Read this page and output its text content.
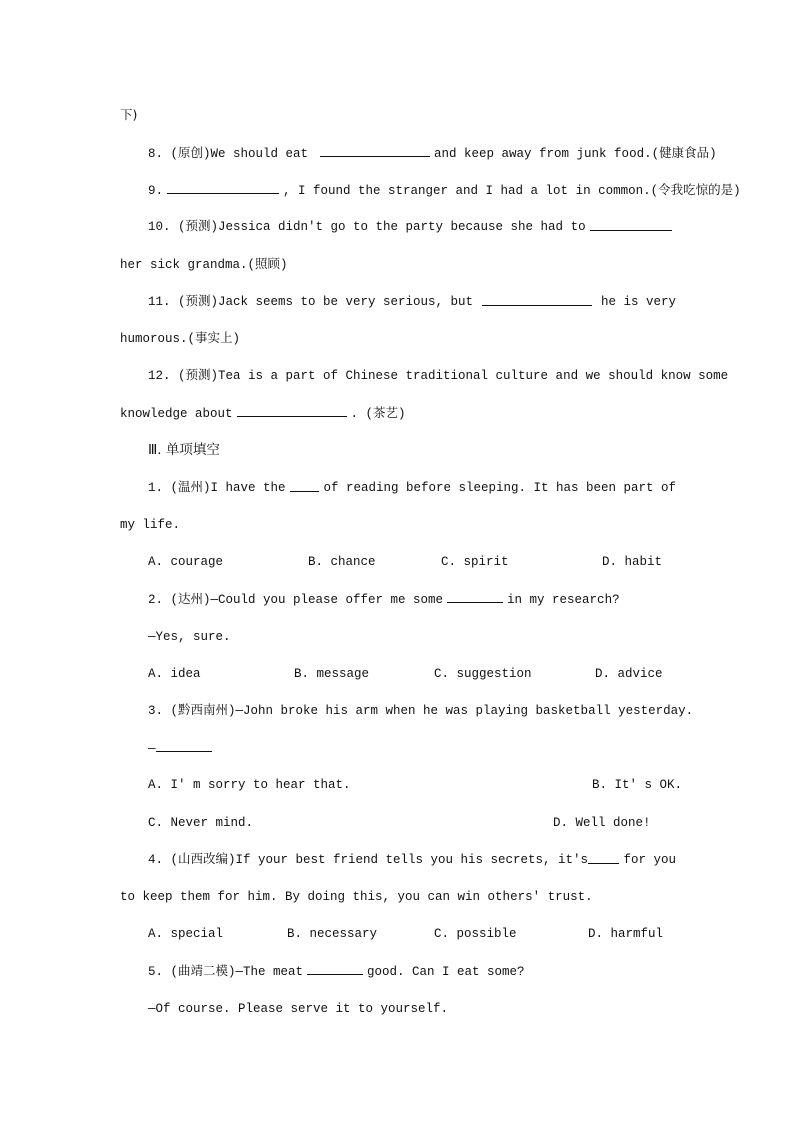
下)
8. (原创)We should eat	and keep away from junk food.(健康食品)
9.	, I found the stranger and I had a lot in common.(令我吃惊的是)
10. (预测)Jessica didn't go to the party because she had to
her sick grandma.(照顾)
11. (预测)Jack seems to be very serious, but	he is very
humorous.(事实上)
12. (预测)Tea is a part of Chinese traditional culture and we should know some
knowledge about	. (茶艺)
Ⅲ. 单项填空
1. (温州)I have the	of reading before sleeping. It has been part of
my life.
A. courage	B. chance	C. spirit	D. habit
2. (达州)—Could you please offer me some	in my research?
—Yes, sure.
A. idea	B. message	C. suggestion	D. advice
3. (黔西南州)—John broke his arm when he was playing basketball yesterday.
—
A. I' m sorry to hear that.	B. It' s OK.
C. Never mind.	D. Well done!
4. (山西改编)If your best friend tells you his secrets, it's	for you
to keep them for him. By doing this, you can win others' trust.
A. special	B. necessary	C. possible	D. harmful
5. (曲靖二模)—The meat	good. Can I eat some?
—Of course. Please serve it to yourself.
